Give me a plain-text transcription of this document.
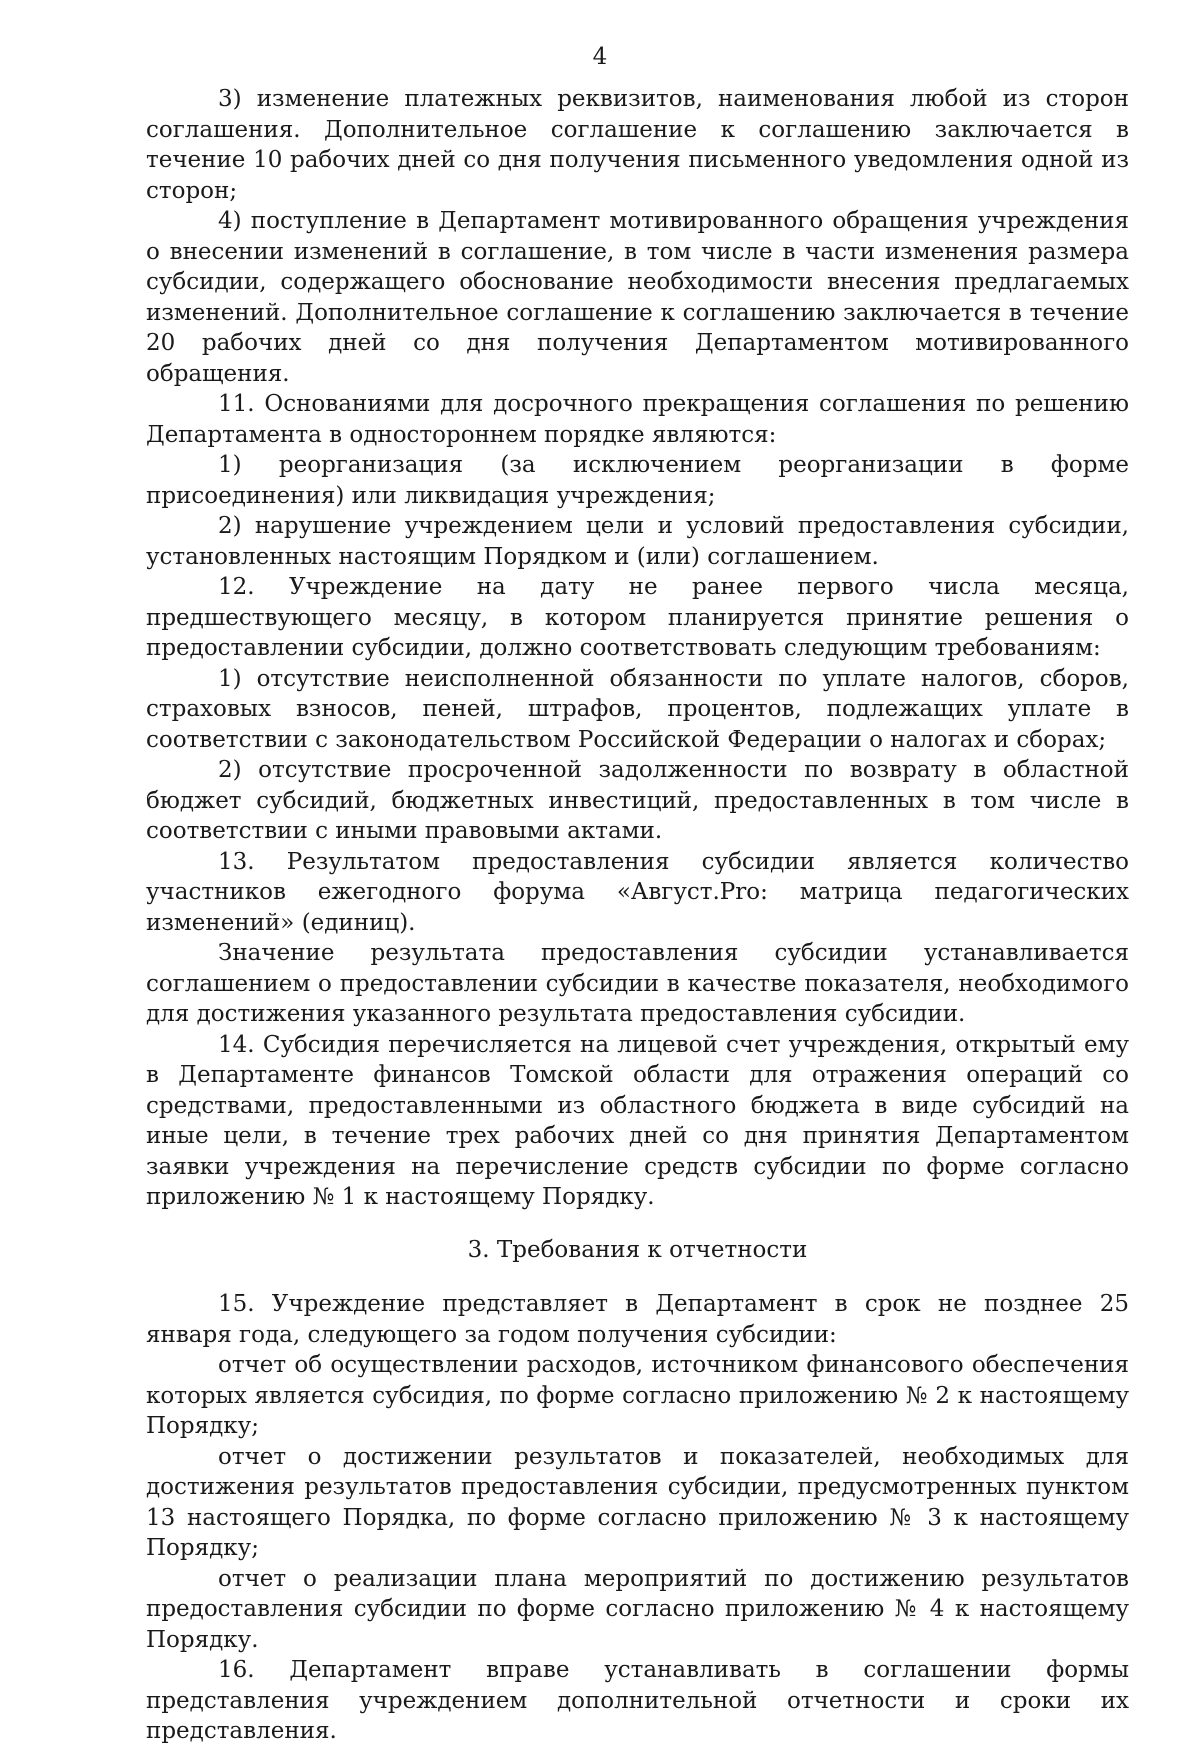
4

3) изменение платежных реквизитов, наименования любой из сторон соглашения. Дополнительное соглашение к соглашению заключается в течение 10 рабочих дней со дня получения письменного уведомления одной из сторон;

4) поступление в Департамент мотивированного обращения учреждения о внесении изменений в соглашение, в том числе в части изменения размера субсидии, содержащего обоснование необходимости внесения предлагаемых изменений. Дополнительное соглашение к соглашению заключается в течение 20 рабочих дней со дня получения Департаментом мотивированного обращения.

11. Основаниями для досрочного прекращения соглашения по решению Департамента в одностороннем порядке являются:

1) реорганизация (за исключением реорганизации в форме присоединения) или ликвидация учреждения;

2) нарушение учреждением цели и условий предоставления субсидии, установленных настоящим Порядком и (или) соглашением.

12. Учреждение на дату не ранее первого числа месяца, предшествующего месяцу, в котором планируется принятие решения о предоставлении субсидии, должно соответствовать следующим требованиям:

1) отсутствие неисполненной обязанности по уплате налогов, сборов, страховых взносов, пеней, штрафов, процентов, подлежащих уплате в соответствии с законодательством Российской Федерации о налогах и сборах;

2) отсутствие просроченной задолженности по возврату в областной бюджет субсидий, бюджетных инвестиций, предоставленных в том числе в соответствии с иными правовыми актами.

13. Результатом предоставления субсидии является количество участников ежегодного форума «Август.Pro: матрица педагогических изменений» (единиц).

Значение результата предоставления субсидии устанавливается соглашением о предоставлении субсидии в качестве показателя, необходимого для достижения указанного результата предоставления субсидии.

14. Субсидия перечисляется на лицевой счет учреждения, открытый ему в Департаменте финансов Томской области для отражения операций со средствами, предоставленными из областного бюджета в виде субсидий на иные цели, в течение трех рабочих дней со дня принятия Департаментом заявки учреждения на перечисление средств субсидии по форме согласно приложению № 1 к настоящему Порядку.

3. Требования к отчетности

15. Учреждение представляет в Департамент в срок не позднее 25 января года, следующего за годом получения субсидии:

отчет об осуществлении расходов, источником финансового обеспечения которых является субсидия, по форме согласно приложению № 2 к настоящему Порядку;

отчет о достижении результатов и показателей, необходимых для достижения результатов предоставления субсидии, предусмотренных пунктом 13 настоящего Порядка, по форме согласно приложению № 3 к настоящему Порядку;

отчет о реализации плана мероприятий по достижению результатов предоставления субсидии по форме согласно приложению № 4 к настоящему Порядку.

16. Департамент вправе устанавливать в соглашении формы представления учреждением дополнительной отчетности и сроки их представления.
